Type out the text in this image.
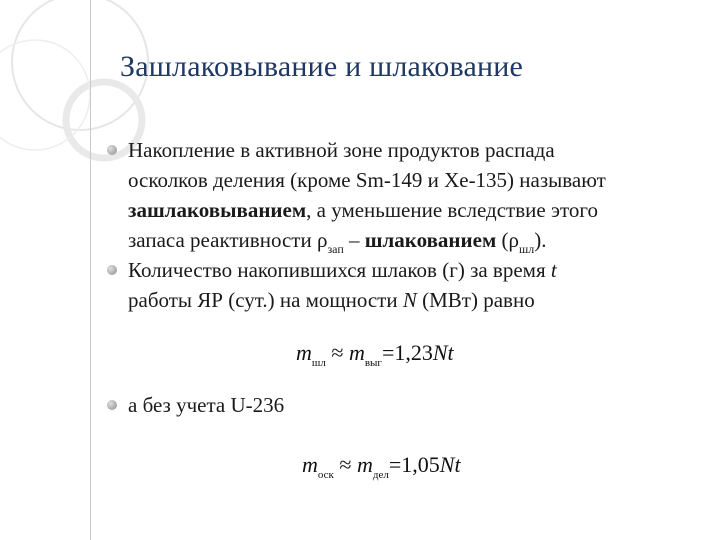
Зашлаковывание и шлакование
Накопление в активной зоне продуктов распада
осколков деления (кроме Sm-149 и Xe-135) называют
зашлаковыванием, а уменьшение вследствие этого
запаса реактивности $\rho_{зап}$ – шлакованием $(\rho_{шл})$.
Количество накопившихся шлаков (г) за время t
работы ЯР (сут.) на мощности N (МВт) равно
$m_{шл} \approx m_{выг}=1,23Nt$
а без учета U-236
$m_{оск} \approx m_{дел}=1,05Nt$
